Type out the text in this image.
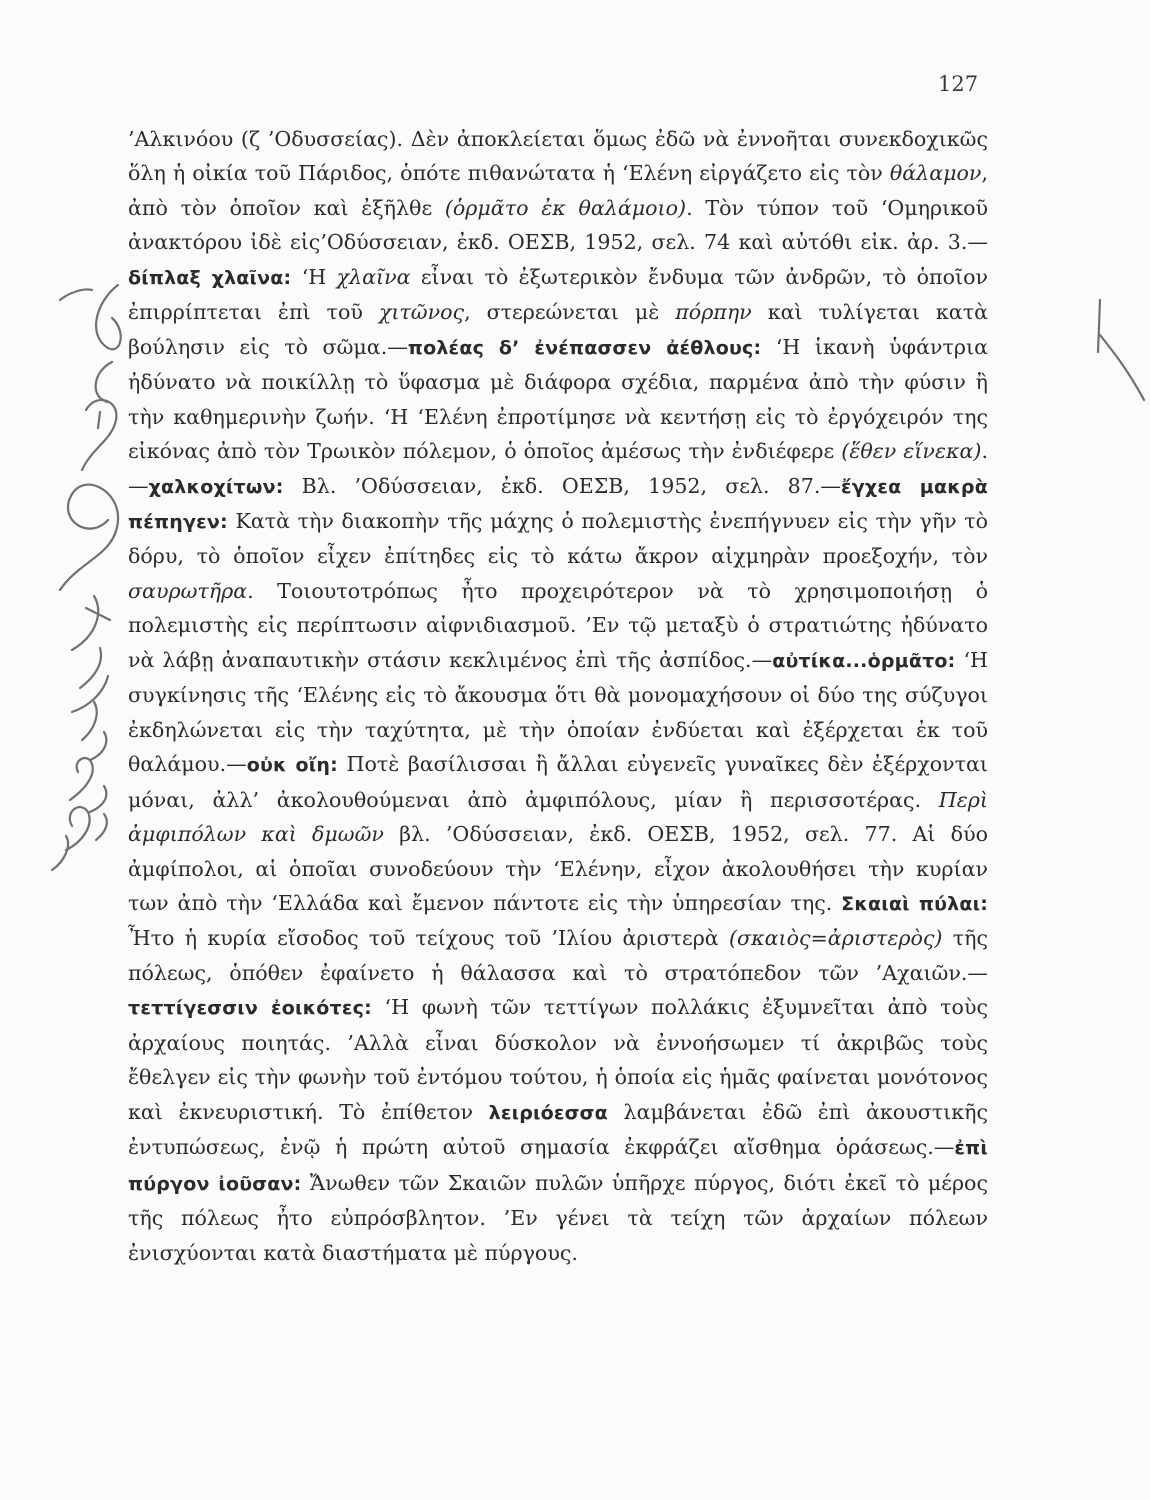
127

’Αλκινόου (ζ ’Οδυσσείας). Δὲν ἀποκλείεται ὅμως ἐδῶ νὰ ἐννοῆται συνεκδοχικῶς ὅλη ἡ οἰκία τοῦ Πάριδος, ὁπότε πιθανώτατα ἡ ‘Ελένη εἰργάζετο εἰς τὸν θάλαμον, ἀπὸ τὸν ὁποῖον καὶ ἐξῆλθε (ὁρμᾶτο ἐκ θαλάμοιο). Τὸν τύπον τοῦ ‘Ομηρικοῦ ἀνακτόρου ἰδὲ εἰς’Οδύσσειαν, ἐκδ. ΟΕΣΒ, 1952, σελ. 74 καὶ αὐτόθι εἰκ. ἀρ. 3.—δίπλαξ χλαῖνα: ‘Η χλαῖνα εἶναι τὸ ἐξωτερικὸν ἔνδυμα τῶν ἀνδρῶν, τὸ ὁποῖον ἐπιρρίπτεται ἐπὶ τοῦ χιτῶνος, στερεώνεται μὲ πόρπην καὶ τυλίγεται κατὰ βούλησιν εἰς τὸ σῶμα.—πολέας δ’ ἐνέπασσεν ἀέθλους: ‘Η ἱκανὴ ὑφάντρια ἠδύνατο νὰ ποικίλλῃ τὸ ὕφασμα μὲ διάφορα σχέδια, παρμένα ἀπὸ τὴν φύσιν ἢ τὴν καθημερινὴν ζωήν. ‘Η ‘Ελένη ἐπροτίμησε νὰ κεντήσῃ εἰς τὸ ἐργόχειρόν της εἰκόνας ἀπὸ τὸν Τρωικὸν πόλεμον, ὁ ὁποῖος ἀμέσως τὴν ἐνδιέφερε (ἕθεν εἵνεκα).—χαλκοχίτων: Βλ. ’Οδύσσειαν, ἐκδ. ΟΕΣΒ, 1952, σελ. 87.—ἔγχεα μακρὰ πέπηγεν: Κατὰ τὴν διακοπὴν τῆς μάχης ὁ πολεμιστὴς ἐνεπήγνυεν εἰς τὴν γῆν τὸ δόρυ, τὸ ὁποῖον εἶχεν ἐπίτηδες εἰς τὸ κάτω ἄκρον αἰχμηρὰν προεξοχήν, τὸν σαυρωτῆρα. Τοιουτοτρόπως ἦτο προχειρότερον νὰ τὸ χρησιμοποιήσῃ ὁ πολεμιστὴς εἰς περίπτωσιν αἰφνιδιασμοῦ. ’Εν τῷ μεταξὺ ὁ στρατιώτης ἠδύνατο νὰ λάβῃ ἀναπαυτικὴν στάσιν κεκλιμένος ἐπὶ τῆς ἀσπίδος.—αὐτίκα...ὁρμᾶτο: ‘Η συγκίνησις τῆς ‘Ελένης εἰς τὸ ἄκουσμα ὅτι θὰ μονομαχήσουν οἱ δύο της σύζυγοι ἐκδηλώνεται εἰς τὴν ταχύτητα, μὲ τὴν ὁποίαν ἐνδύεται καὶ ἐξέρχεται ἐκ τοῦ θαλάμου.—οὐκ οἴη: Ποτὲ βασίλισσαι ἢ ἄλλαι εὐγενεῖς γυναῖκες δὲν ἐξέρχονται μόναι, ἀλλ’ ἀκολουθούμεναι ἀπὸ ἀμφιπόλους, μίαν ἢ περισσοτέρας. Περὶ ἀμφιπόλων καὶ δμωῶν βλ. ’Οδύσσειαν, ἐκδ. ΟΕΣΒ, 1952, σελ. 77. Αἱ δύο ἀμφίπολοι, αἱ ὁποῖαι συνοδεύουν τὴν ‘Ελένην, εἶχον ἀκολουθήσει τὴν κυρίαν των ἀπὸ τὴν ‘Ελλάδα καὶ ἔμενον πάντοτε εἰς τὴν ὑπηρεσίαν της. Σκαιαὶ πύλαι: Ἦτο ἡ κυρία εἴσοδος τοῦ τείχους τοῦ ’Ιλίου ἀριστερὰ (σκαιὸς=ἀριστερὸς) τῆς πόλεως, ὁπόθεν ἐφαίνετο ἡ θάλασσα καὶ τὸ στρατόπεδον τῶν ’Αχαιῶν.—τεττίγεσσιν ἐοικότες: ‘Η φωνὴ τῶν τεττίγων πολλάκις ἐξυμνεῖται ἀπὸ τοὺς ἀρχαίους ποιητάς. ’Αλλὰ εἶναι δύσκολον νὰ ἐννοήσωμεν τί ἀκριβῶς τοὺς ἔθελγεν εἰς τὴν φωνὴν τοῦ ἐντόμου τούτου, ἡ ὁποία εἰς ἡμᾶς φαίνεται μονότονος καὶ ἐκνευριστική. Τὸ ἐπίθετον λειριόεσσα λαμβάνεται ἐδῶ ἐπὶ ἀκουστικῆς ἐντυπώσεως, ἐνῷ ἡ πρώτη αὐτοῦ σημασία ἐκφράζει αἴσθημα ὁράσεως.—ἐπὶ πύργον ἰοῦσαν: Ἄνωθεν τῶν Σκαιῶν πυλῶν ὑπῆρχε πύργος, διότι ἐκεῖ τὸ μέρος τῆς πόλεως ἦτο εὐπρόσβλητον. ’Εν γένει τὰ τείχη τῶν ἀρχαίων πόλεων ἐνισχύονται κατὰ διαστήματα μὲ πύργους.
